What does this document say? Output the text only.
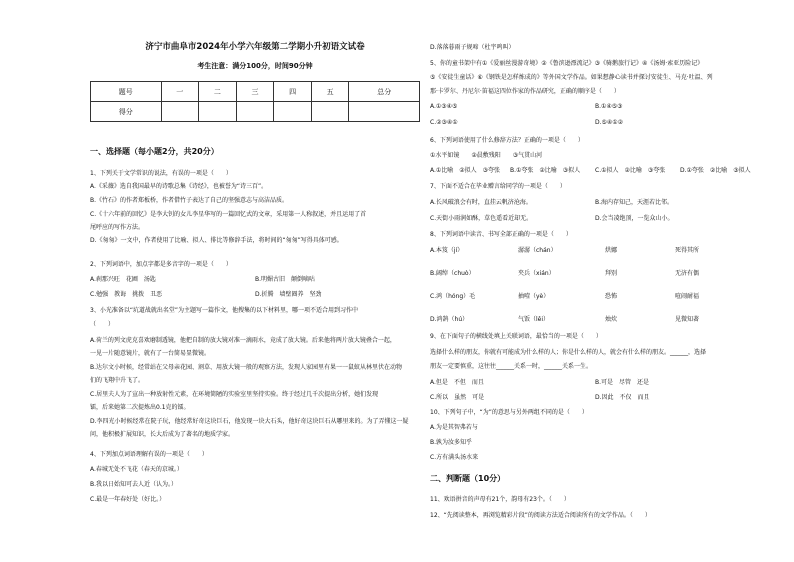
济宁市曲阜市2024年小学六年级第二学期小升初语文试卷
考生注意：满分100分，时间90分钟
题号	一	二	三	四	五	总分
得分						
一、选择题（每小题2分，共20分）
1、下列关于文学常识的说法，有误的一项是（　　）
A.《采薇》选自我国最早的诗歌总集《诗经》，也被誉为“诗三百”。
B.《竹石》的作者郑板桥，作者借竹子表达了自己的坚强意志与高洁品质。
C.《十六年前的回忆》是李大钊的女儿李星华写的一篇回忆式的文章，采用第一人称叙述，并且运用了首
尾呼应的写作方法。
D.《匆匆》一文中，作者使用了比喻、拟人、排比等修辞手法，将时间的“匆匆”写得具体可感。
2、下列词语中，加点字都是多音字的一项是（　　）
A.刹那兴旺　花圃　汤匙	B.明媚古旧　颠倒嘀咕
C.勉强　教诲　挑拨　丑恶	D.折腾　墙壁圈养　坚劲
3、小光准备以“坑道战就出名堂”为主题写一篇作文，他搜集的以下材料里，哪一项不适合用到习作中
（　　）
A.荷兰的列文虎克喜欢磨制透镜，他把自制的放大镜对准一滴雨水，竟成了放大镜。后来他将两片放大镜叠合一起，
一见一片随意镜片，就有了一台简易显微镜。
B.达尔文小时候，经常站在父母亲花园、割草、用放大镜一般的观察方法，发现人家园里有果一一鼠蚁从林里伏在动物
们的飞翔中升飞了。
C.居里夫人为了宣出一种放射性元素，在环境简陋的实验室里坚持实验。终于经过几千次提出分析，她们发现
镭，后来她第二次提炼出0.1克的镭。
D.李四光小时候经常在院子玩，他经常好奇这块巨石，他发现一块大石头，他好奇这块巨石从哪里来的。为了弄懂这一疑
问，他积极扩展知识，长大后成为了著名的地质学家。
4、下列加点词语理解有误的一项是（　　）
A.春城无处不飞花（春天的京城。）
B.我以日始知可去人近（认为。）
C.最是一年春好处（好比。）
D.落落暮雨子规啼（杜宇鸣叫）
5、你的童书架中有①《爱丽丝漫游奇境》②《鲁滨逊漂流记》③《骑鹅旅行记》④《汤姆·索亚历险记》
⑤《安徒生童话》⑥《钢铁是怎样炼成的》等外国文学作品。如果想静心读书并探讨安徒生、马克·吐温、列
那·卡罗尔、丹尼尔·笛福这四位作家的作品研究，正确的顺序是（　　）
A.①③④⑤	B.①④⑤③
C.②③④①	D.⑤④①②
6、下列词语使用了什么修辞方法？正确的一项是（　　）
①水平如镜　　②晨敷残阳　　③气贯山河
A.①比喻　②拟人　③夸张 B.①夸张　②比喻　③拟人 C.①拟人　②比喻　③夸张 D.①夸张　②比喻　③拟人
7、下面不适合在毕业赠言给同学的一项是（　　）
A.长风破浪会有时，直挂云帆济沧海。	B.海内存知己，天涯若比邻。
C.天街小雨润如酥，草色遥看近却无。	D.会当凌绝顶，一览众山小。
8、下列词语中读音、书写全部正确的一项是（　　）
A.本笈（jí）	潺潺（chán）	烘娜	死得其所
B.阔绰（chuò）	夹兵（xián）	拜别	无济有偶
C.鸿（hóng）毛	抽噎（yè）	恐怖	喧闹耐福
D.鸿鹄（hú）	气饭（lěi）	烛炊	见微知著
9、在下面句子的横线处填上关联词语，最恰当的一项是（　　）
选择什么样的朋友，你就有可能成为什么样的人；你是什么样的人，就会有什么样的朋友。______，选择
朋友一定要慎重，这往往______关系一时，______关系一生。
A.但是　不但　而且	B.可是　尽管　还是
C.所以　虽然　可是	D.因此　不仅　而且
10、下列句子中，“为”的意思与另外两组不同的是（　　）
A.为是其智弗若与
B.孰为汝多知乎
C.方有满头汤水来
二、判断题（10分）
11、欢语拼音的声母有21个，韵母有23个。（　　）
12、“先阅读整本，再浏览精彩片段”的阅读方法适合阅读所有的文学作品。（　　）
